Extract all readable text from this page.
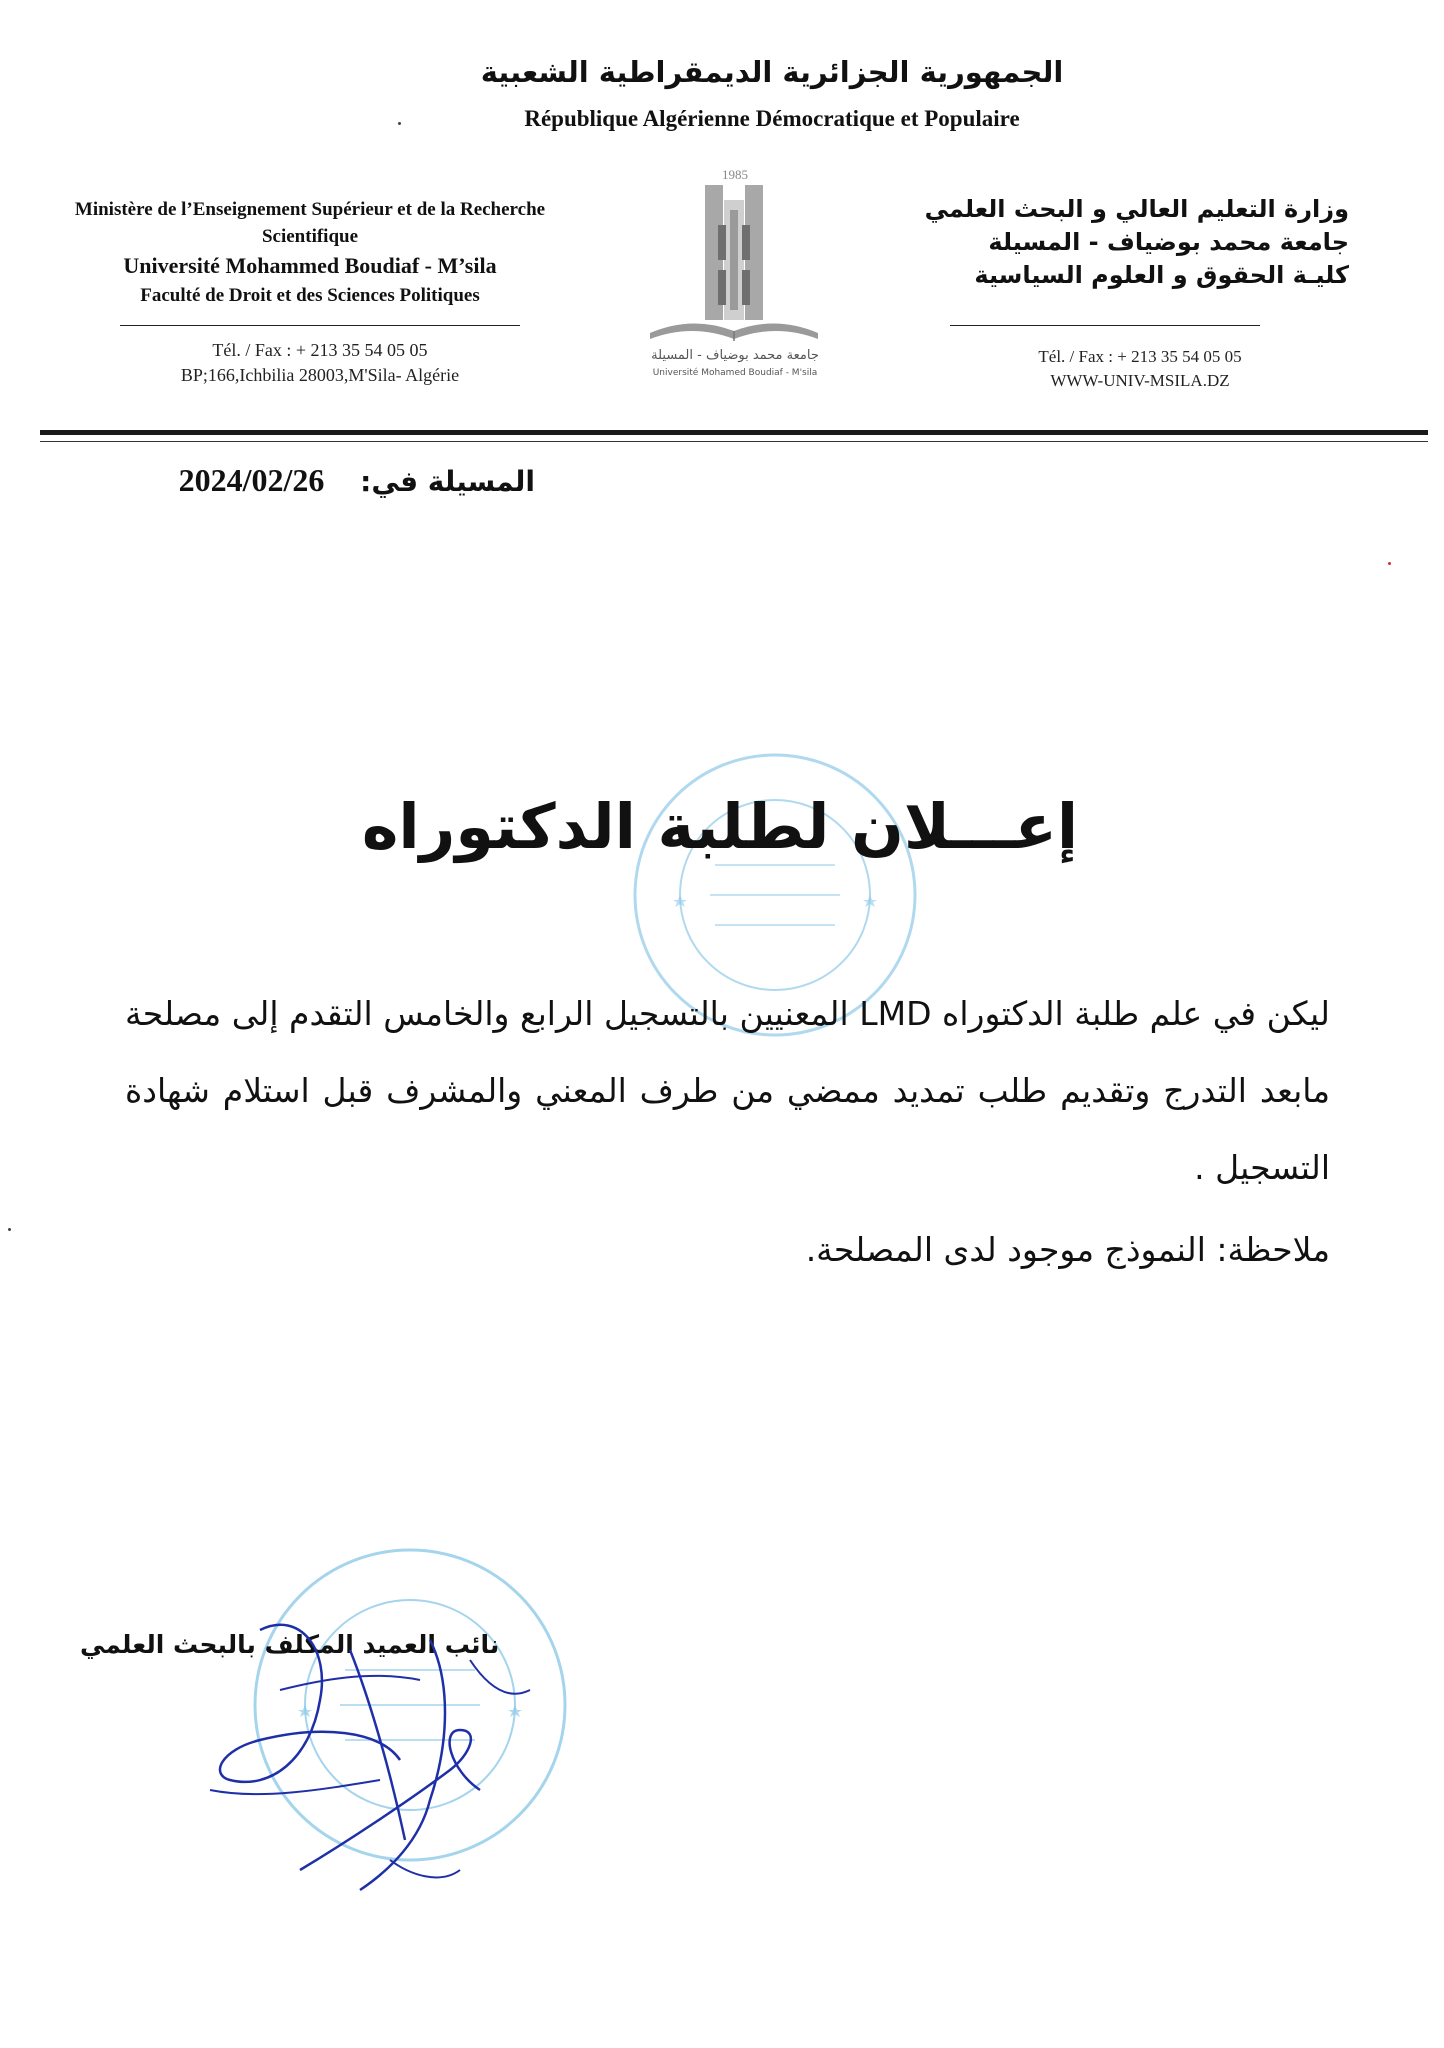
الجمهورية الجزائرية الديمقراطية الشعبية
République Algérienne Démocratique et Populaire
Ministère de l’Enseignement Supérieur et de la Recherche
Scientifique
Université Mohammed Boudiaf - M’sila
Faculté de Droit et des Sciences Politiques
Tél. / Fax : + 213 35 54 05 05
BP;166,Ichbilia 28003,M'Sila- Algérie
1985
جامعة محمد بوضياف - المسيلة
Université Mohamed Boudiaf - M'sila
وزارة التعليم العالي و البحث العلمي
جامعة محمد بوضياف - المسيلة
كليـة الحقوق و العلوم السياسية
Tél. / Fax : + 213 35 54 05 05
WWW-UNIV-MSILA.DZ
المسيلة في: 2024/02/26
إعـــلان لطلبة الدكتوراه
ليكن في علم طلبة الدكتوراه LMD المعنيين بالتسجيل الرابع والخامس التقدم إلى مصلحة مابعد التدرج وتقديم طلب تمديد ممضي من طرف المعني والمشرف قبل استلام شهادة التسجيل .
ملاحظة: النموذج موجود لدى المصلحة.
نائب العميد المكلف بالبحث العلمي
